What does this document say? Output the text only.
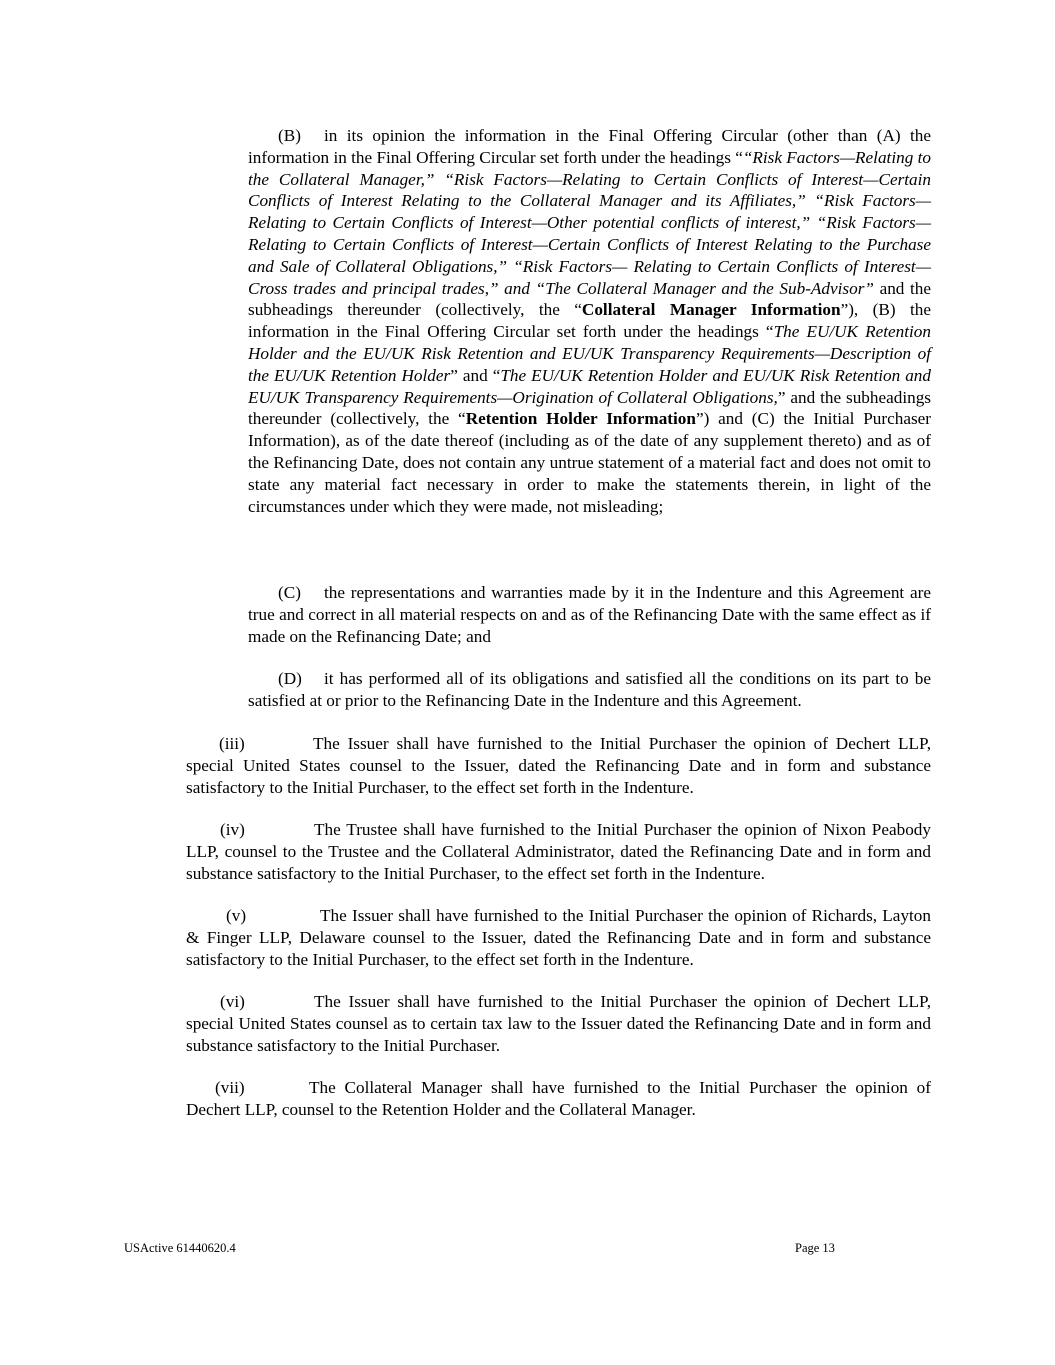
(B) in its opinion the information in the Final Offering Circular (other than (A) the information in the Final Offering Circular set forth under the headings ““Risk Factors—Relating to the Collateral Manager,” “Risk Factors—Relating to Certain Conflicts of Interest—Certain Conflicts of Interest Relating to the Collateral Manager and its Affiliates,” “Risk Factors—Relating to Certain Conflicts of Interest—Other potential conflicts of interest,” “Risk Factors—Relating to Certain Conflicts of Interest—Certain Conflicts of Interest Relating to the Purchase and Sale of Collateral Obligations,” “Risk Factors— Relating to Certain Conflicts of Interest—Cross trades and principal trades,” and “The Collateral Manager and the Sub-Advisor” and the subheadings thereunder (collectively, the “Collateral Manager Information”), (B) the information in the Final Offering Circular set forth under the headings “The EU/UK Retention Holder and the EU/UK Risk Retention and EU/UK Transparency Requirements—Description of the EU/UK Retention Holder” and “The EU/UK Retention Holder and EU/UK Risk Retention and EU/UK Transparency Requirements—Origination of Collateral Obligations,” and the subheadings thereunder (collectively, the “Retention Holder Information”) and (C) the Initial Purchaser Information), as of the date thereof (including as of the date of any supplement thereto) and as of the Refinancing Date, does not contain any untrue statement of a material fact and does not omit to state any material fact necessary in order to make the statements therein, in light of the circumstances under which they were made, not misleading;

(C) the representations and warranties made by it in the Indenture and this Agreement are true and correct in all material respects on and as of the Refinancing Date with the same effect as if made on the Refinancing Date; and

(D) it has performed all of its obligations and satisfied all the conditions on its part to be satisfied at or prior to the Refinancing Date in the Indenture and this Agreement.

(iii)	The Issuer shall have furnished to the Initial Purchaser the opinion of Dechert LLP, special United States counsel to the Issuer, dated the Refinancing Date and in form and substance satisfactory to the Initial Purchaser, to the effect set forth in the Indenture.

(iv)	The Trustee shall have furnished to the Initial Purchaser the opinion of Nixon Peabody LLP, counsel to the Trustee and the Collateral Administrator, dated the Refinancing Date and in form and substance satisfactory to the Initial Purchaser, to the effect set forth in the Indenture.

(v)	The Issuer shall have furnished to the Initial Purchaser the opinion of Richards, Layton & Finger LLP, Delaware counsel to the Issuer, dated the Refinancing Date and in form and substance satisfactory to the Initial Purchaser, to the effect set forth in the Indenture.

(vi)	The Issuer shall have furnished to the Initial Purchaser the opinion of Dechert LLP, special United States counsel as to certain tax law to the Issuer dated the Refinancing Date and in form and substance satisfactory to the Initial Purchaser.

(vii)	The Collateral Manager shall have furnished to the Initial Purchaser the opinion of Dechert LLP, counsel to the Retention Holder and the Collateral Manager.

USActive 61440620.4	Page 13
